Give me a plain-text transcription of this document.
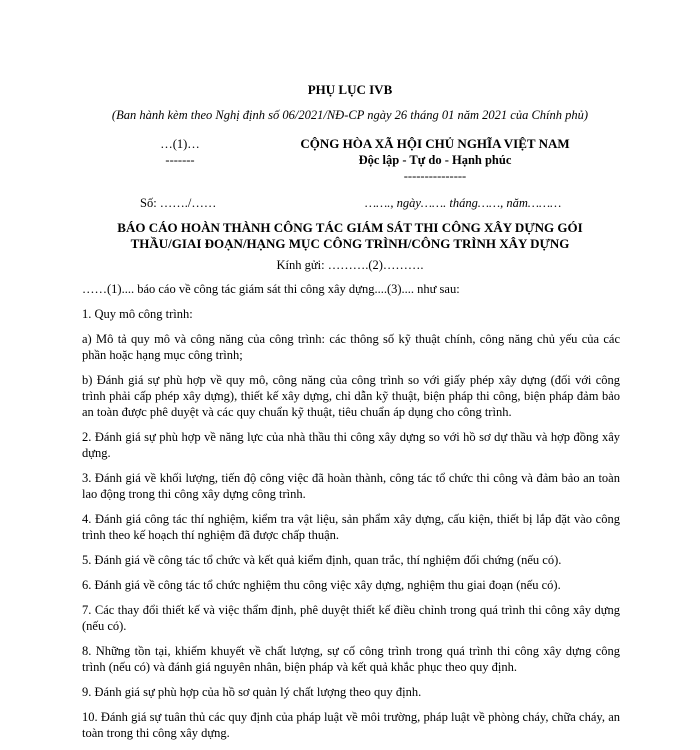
PHỤ LỤC IVB
(Ban hành kèm theo Nghị định số 06/2021/NĐ-CP ngày 26 tháng 01 năm 2021 của Chính phủ)
…(1)…
-------
CỘNG HÒA XÃ HỘI CHỦ NGHĨA VIỆT NAM
Độc lập - Tự do - Hạnh phúc
---------------
Số: ……./……	……., ngày……. tháng……, năm………
BÁO CÁO HOÀN THÀNH CÔNG TÁC GIÁM SÁT THI CÔNG XÂY DỰNG GÓI THẦU/GIAI ĐOẠN/HẠNG MỤC CÔNG TRÌNH/CÔNG TRÌNH XÂY DỰNG
Kính gửi: ……….(2)……….

……(1).... báo cáo về công tác giám sát thi công xây dựng....(3).... như sau:

1. Quy mô công trình:

a) Mô tả quy mô và công năng của công trình: các thông số kỹ thuật chính, công năng chủ yếu của các phần hoặc hạng mục công trình;

b) Đánh giá sự phù hợp về quy mô, công năng của công trình so với giấy phép xây dựng (đối với công trình phải cấp phép xây dựng), thiết kế xây dựng, chỉ dẫn kỹ thuật, biện pháp thi công, biện pháp đảm bảo an toàn được phê duyệt và các quy chuẩn kỹ thuật, tiêu chuẩn áp dụng cho công trình.

2. Đánh giá sự phù hợp về năng lực của nhà thầu thi công xây dựng so với hồ sơ dự thầu và hợp đồng xây dựng.

3. Đánh giá về khối lượng, tiến độ công việc đã hoàn thành, công tác tổ chức thi công và đảm bảo an toàn lao động trong thi công xây dựng công trình.

4. Đánh giá công tác thí nghiệm, kiểm tra vật liệu, sản phẩm xây dựng, cấu kiện, thiết bị lắp đặt vào công trình theo kế hoạch thí nghiệm đã được chấp thuận.

5. Đánh giá về công tác tổ chức và kết quả kiểm định, quan trắc, thí nghiệm đối chứng (nếu có).

6. Đánh giá về công tác tổ chức nghiệm thu công việc xây dựng, nghiệm thu giai đoạn (nếu có).

7. Các thay đổi thiết kế và việc thẩm định, phê duyệt thiết kế điều chỉnh trong quá trình thi công xây dựng (nếu có).

8. Những tồn tại, khiếm khuyết về chất lượng, sự cố công trình trong quá trình thi công xây dựng công trình (nếu có) và đánh giá nguyên nhân, biện pháp và kết quả khắc phục theo quy định.

9. Đánh giá sự phù hợp của hồ sơ quản lý chất lượng theo quy định.

10. Đánh giá sự tuân thủ các quy định của pháp luật về môi trường, pháp luật về phòng cháy, chữa cháy, an toàn trong thi công xây dựng.
